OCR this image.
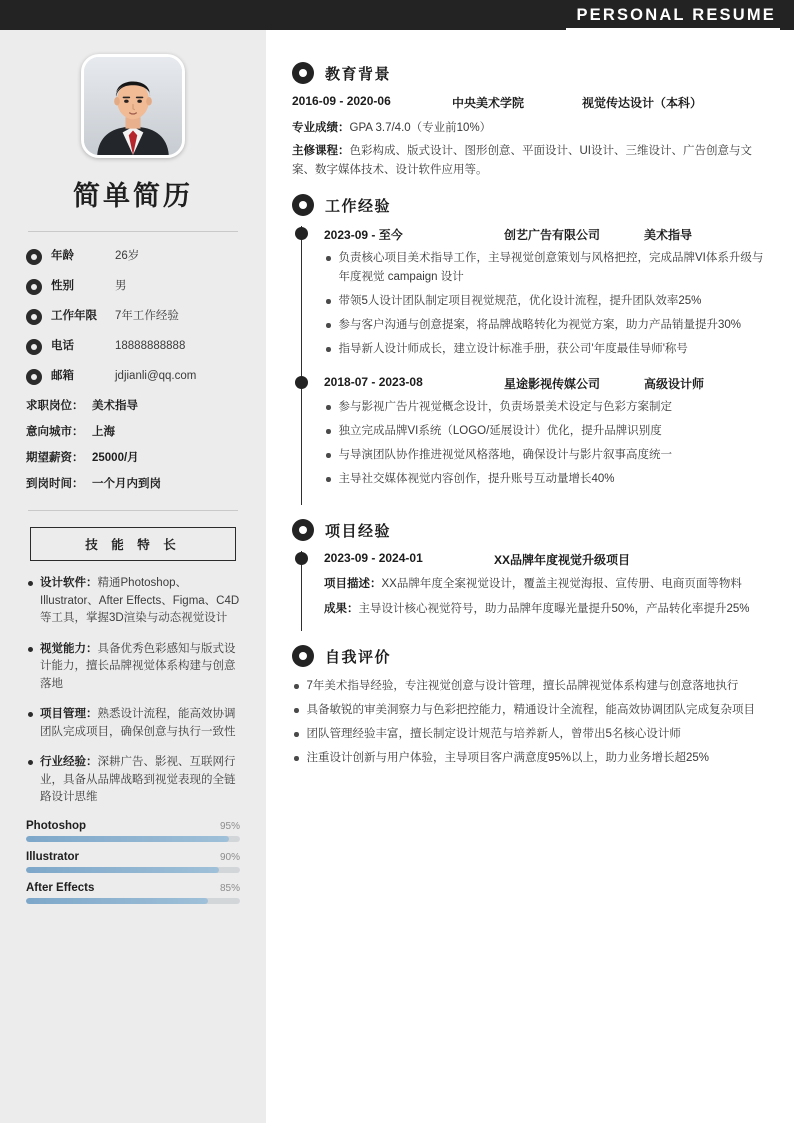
PERSONAL RESUME
简单简历
年龄	26岁
性别	男
工作年限	7年工作经验
电话	18888888888
邮箱	jdjianli@qq.com
求职岗位： 美术指导
意向城市： 上海
期望薪资： 25000/月
到岗时间： 一个月内到岗
技 能 特 长
设计软件：精通Photoshop、Illustrator、After Effects、Figma、C4D等工具，掌握3D渲染与动态视觉设计
视觉能力：具备优秀色彩感知与版式设计能力，擅长品牌视觉体系构建与创意落地
项目管理：熟悉设计流程，能高效协调团队完成项目，确保创意与执行一致性
行业经验：深耕广告、影视、互联网行业，具备从品牌战略到视觉表现的全链路设计思维
Photoshop	95%
Illustrator	90%
After Effects	85%
教育背景
2016-09 - 2020-06	中央美术学院	视觉传达设计（本科）
专业成绩：GPA 3.7/4.0（专业前10%）
主修课程：色彩构成、版式设计、图形创意、平面设计、UI设计、三维设计、广告创意与文案、数字媒体技术、设计软件应用等。
工作经验
2023-09 - 至今	创艺广告有限公司	美术指导
负责核心项目美术指导工作，主导视觉创意策划与风格把控，完成品牌VI体系升级与年度视觉 campaign 设计
带领5人设计团队制定项目视觉规范，优化设计流程，提升团队效率25%
参与客户沟通与创意提案，将品牌战略转化为视觉方案，助力产品销量提升30%
指导新人设计师成长，建立设计标准手册，获公司'年度最佳导师'称号
2018-07 - 2023-08	星途影视传媒公司	高级设计师
参与影视广告片视觉概念设计，负责场景美术设定与色彩方案制定
独立完成品牌VI系统（LOGO/延展设计）优化，提升品牌识别度
与导演团队协作推进视觉风格落地，确保设计与影片叙事高度统一
主导社交媒体视觉内容创作，提升账号互动量增长40%
项目经验
2023-09 - 2024-01	XX品牌年度视觉升级项目
项目描述：XX品牌年度全案视觉设计，覆盖主视觉海报、宣传册、电商页面等物料
成果：主导设计核心视觉符号，助力品牌年度曝光量提升50%，产品转化率提升25%
自我评价
7年美术指导经验，专注视觉创意与设计管理，擅长品牌视觉体系构建与创意落地执行
具备敏锐的审美洞察力与色彩把控能力，精通设计全流程，能高效协调团队完成复杂项目
团队管理经验丰富，擅长制定设计规范与培养新人，曾带出5名核心设计师
注重设计创新与用户体验，主导项目客户满意度95%以上，助力业务增长超25%
